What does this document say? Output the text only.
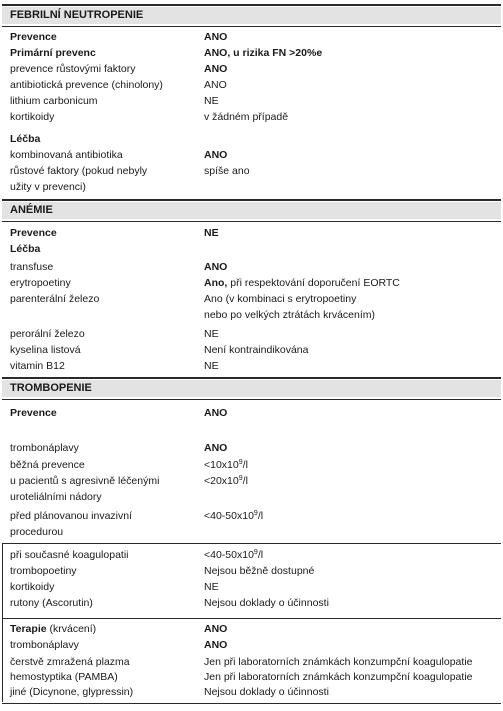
FEBRILNÍ NEUTROPENIE
Prevence	ANO
Primární prevenc	ANO, u rizika FN >20%e
prevence růstovými faktory	ANO
antibiotická prevence (chinolony)	ANO
lithium carbonicum	NE
kortikoidy	v žádném případě
Léčba
kombinovaná antibiotika	ANO
růstové faktory (pokud nebyly	spíše ano
užity v prevenci)
ANÉMIE
Prevence	NE
Léčba
transfuse	ANO
erytropoetiny	Ano, při respektování doporučení EORTC
parenterální železo	Ano (v kombinaci s erytropoetiny
nebo po velkých ztrátách krvácením)
perorální železo	NE
kyselina listová	Není kontraindikována
vitamin B12	NE
TROMBOPENIE
Prevence	ANO
trombonáplavy	ANO
běžná prevence	$<10x10^9/l$
u pacientů s agresivně léčenými	$<20x10^9/l$
uroteliálními nádory
před plánovanou invazivní	$<40-50x10^9/l$
procedurou
při současné koagulopatii	$<40-50x10^9/l$
trombopoetiny	Nejsou běžně dostupné
kortikoidy	NE
rutony (Ascorutin)	Nejsou doklady o účinnosti
Terapie (krvácení)	ANO
trombonáplavy	ANO
čerstvě zmražená plazma	Jen při laboratorních známkách konzumpční koagulopatie
hemostyptika (PAMBA)	Jen při laboratorních známkách konzumpční koagulopatie
jiné (Dicynone, glypressin)	Nejsou doklady o účinnosti
